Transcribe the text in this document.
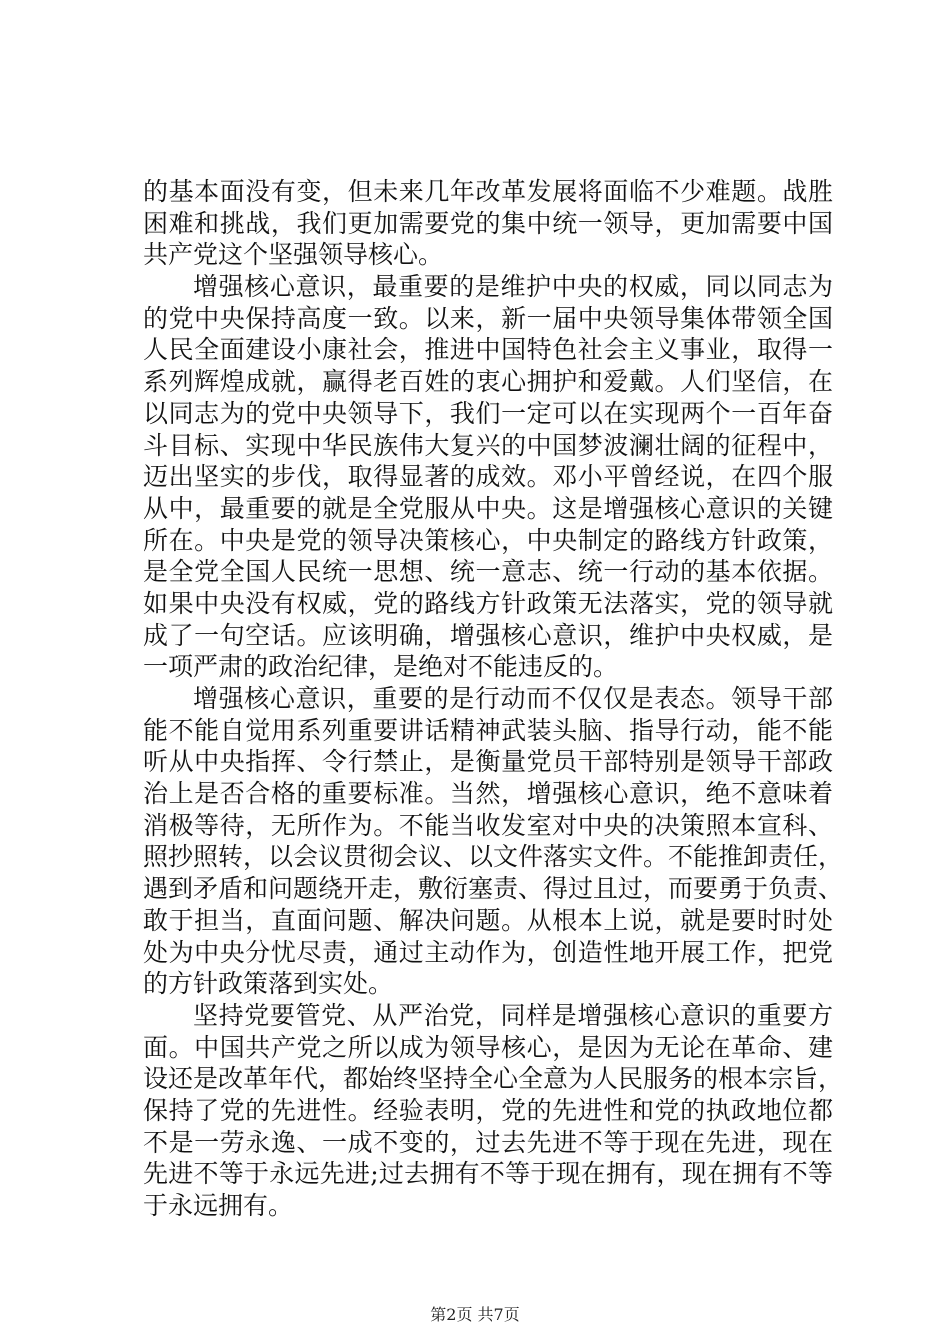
的基本面没有变，但未来几年改革发展将面临不少难题。战胜
困难和挑战，我们更加需要党的集中统一领导，更加需要中国
共产党这个坚强领导核心。
增强核心意识，最重要的是维护中央的权威，同以同志为
的党中央保持高度一致。以来，新一届中央领导集体带领全国
人民全面建设小康社会，推进中国特色社会主义事业，取得一
系列辉煌成就，赢得老百姓的衷心拥护和爱戴。人们坚信，在
以同志为的党中央领导下，我们一定可以在实现两个一百年奋
斗目标、实现中华民族伟大复兴的中国梦波澜壮阔的征程中，
迈出坚实的步伐，取得显著的成效。邓小平曾经说，在四个服
从中，最重要的就是全党服从中央。这是增强核心意识的关键
所在。中央是党的领导决策核心，中央制定的路线方针政策，
是全党全国人民统一思想、统一意志、统一行动的基本依据。
如果中央没有权威，党的路线方针政策无法落实，党的领导就
成了一句空话。应该明确，增强核心意识，维护中央权威，是
一项严肃的政治纪律，是绝对不能违反的。
增强核心意识，重要的是行动而不仅仅是表态。领导干部
能不能自觉用系列重要讲话精神武装头脑、指导行动，能不能
听从中央指挥、令行禁止，是衡量党员干部特别是领导干部政
治上是否合格的重要标准。当然，增强核心意识，绝不意味着
消极等待，无所作为。不能当收发室对中央的决策照本宣科、
照抄照转，以会议贯彻会议、以文件落实文件。不能推卸责任，
遇到矛盾和问题绕开走，敷衍塞责、得过且过，而要勇于负责、
敢于担当，直面问题、解决问题。从根本上说，就是要时时处
处为中央分忧尽责，通过主动作为，创造性地开展工作，把党
的方针政策落到实处。
坚持党要管党、从严治党，同样是增强核心意识的重要方
面。中国共产党之所以成为领导核心，是因为无论在革命、建
设还是改革年代，都始终坚持全心全意为人民服务的根本宗旨，
保持了党的先进性。经验表明，党的先进性和党的执政地位都
不是一劳永逸、一成不变的，过去先进不等于现在先进，现在
先进不等于永远先进;过去拥有不等于现在拥有，现在拥有不等
于永远拥有。
第2页 共7页
